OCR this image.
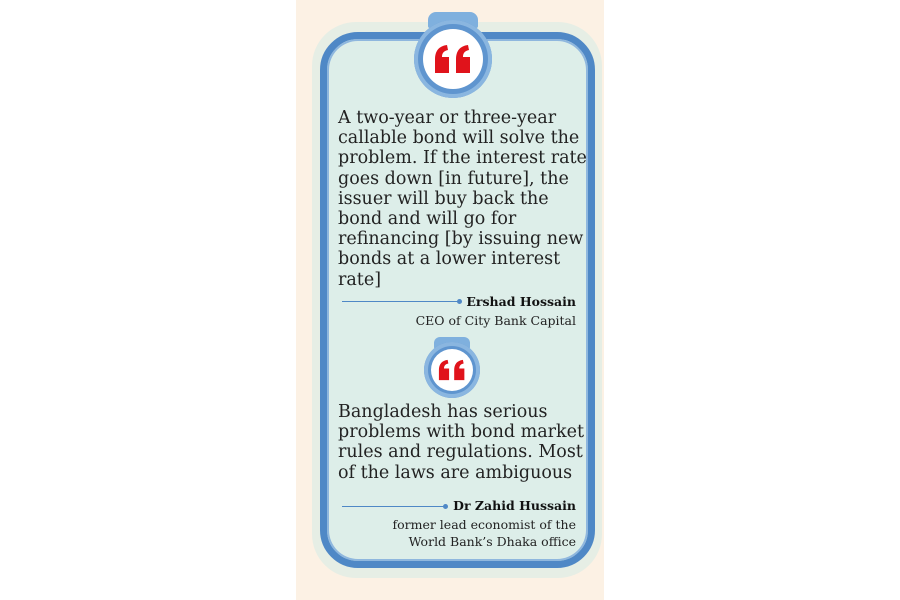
A two-year or three-year callable bond will solve the problem. If the interest rate goes down [in future], the issuer will buy back the bond and will go for refinancing [by issuing new bonds at a lower interest rate]

Ershad Hossain

CEO of City Bank Capital

Bangladesh has serious problems with bond market rules and regulations. Most of the laws are ambiguous

Dr Zahid Hussain

former lead economist of the

World Bank’s Dhaka office
